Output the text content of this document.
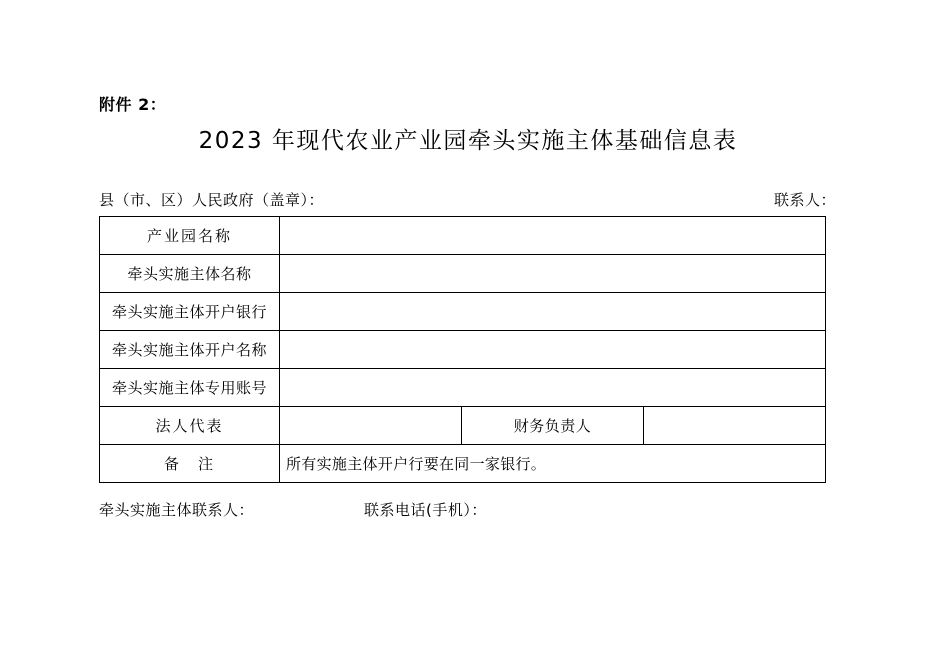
附件 2：
2023 年现代农业产业园牵头实施主体基础信息表
县（市、区）人民政府（盖章）：	联系人：
产业园名称			
牵头实施主体名称			
牵头实施主体开户银行			
牵头实施主体开户名称			
牵头实施主体专用账号			
法人代表		财务负责人	
备　注	所有实施主体开户行要在同一家银行。		
牵头实施主体联系人：	联系电话(手机）：
